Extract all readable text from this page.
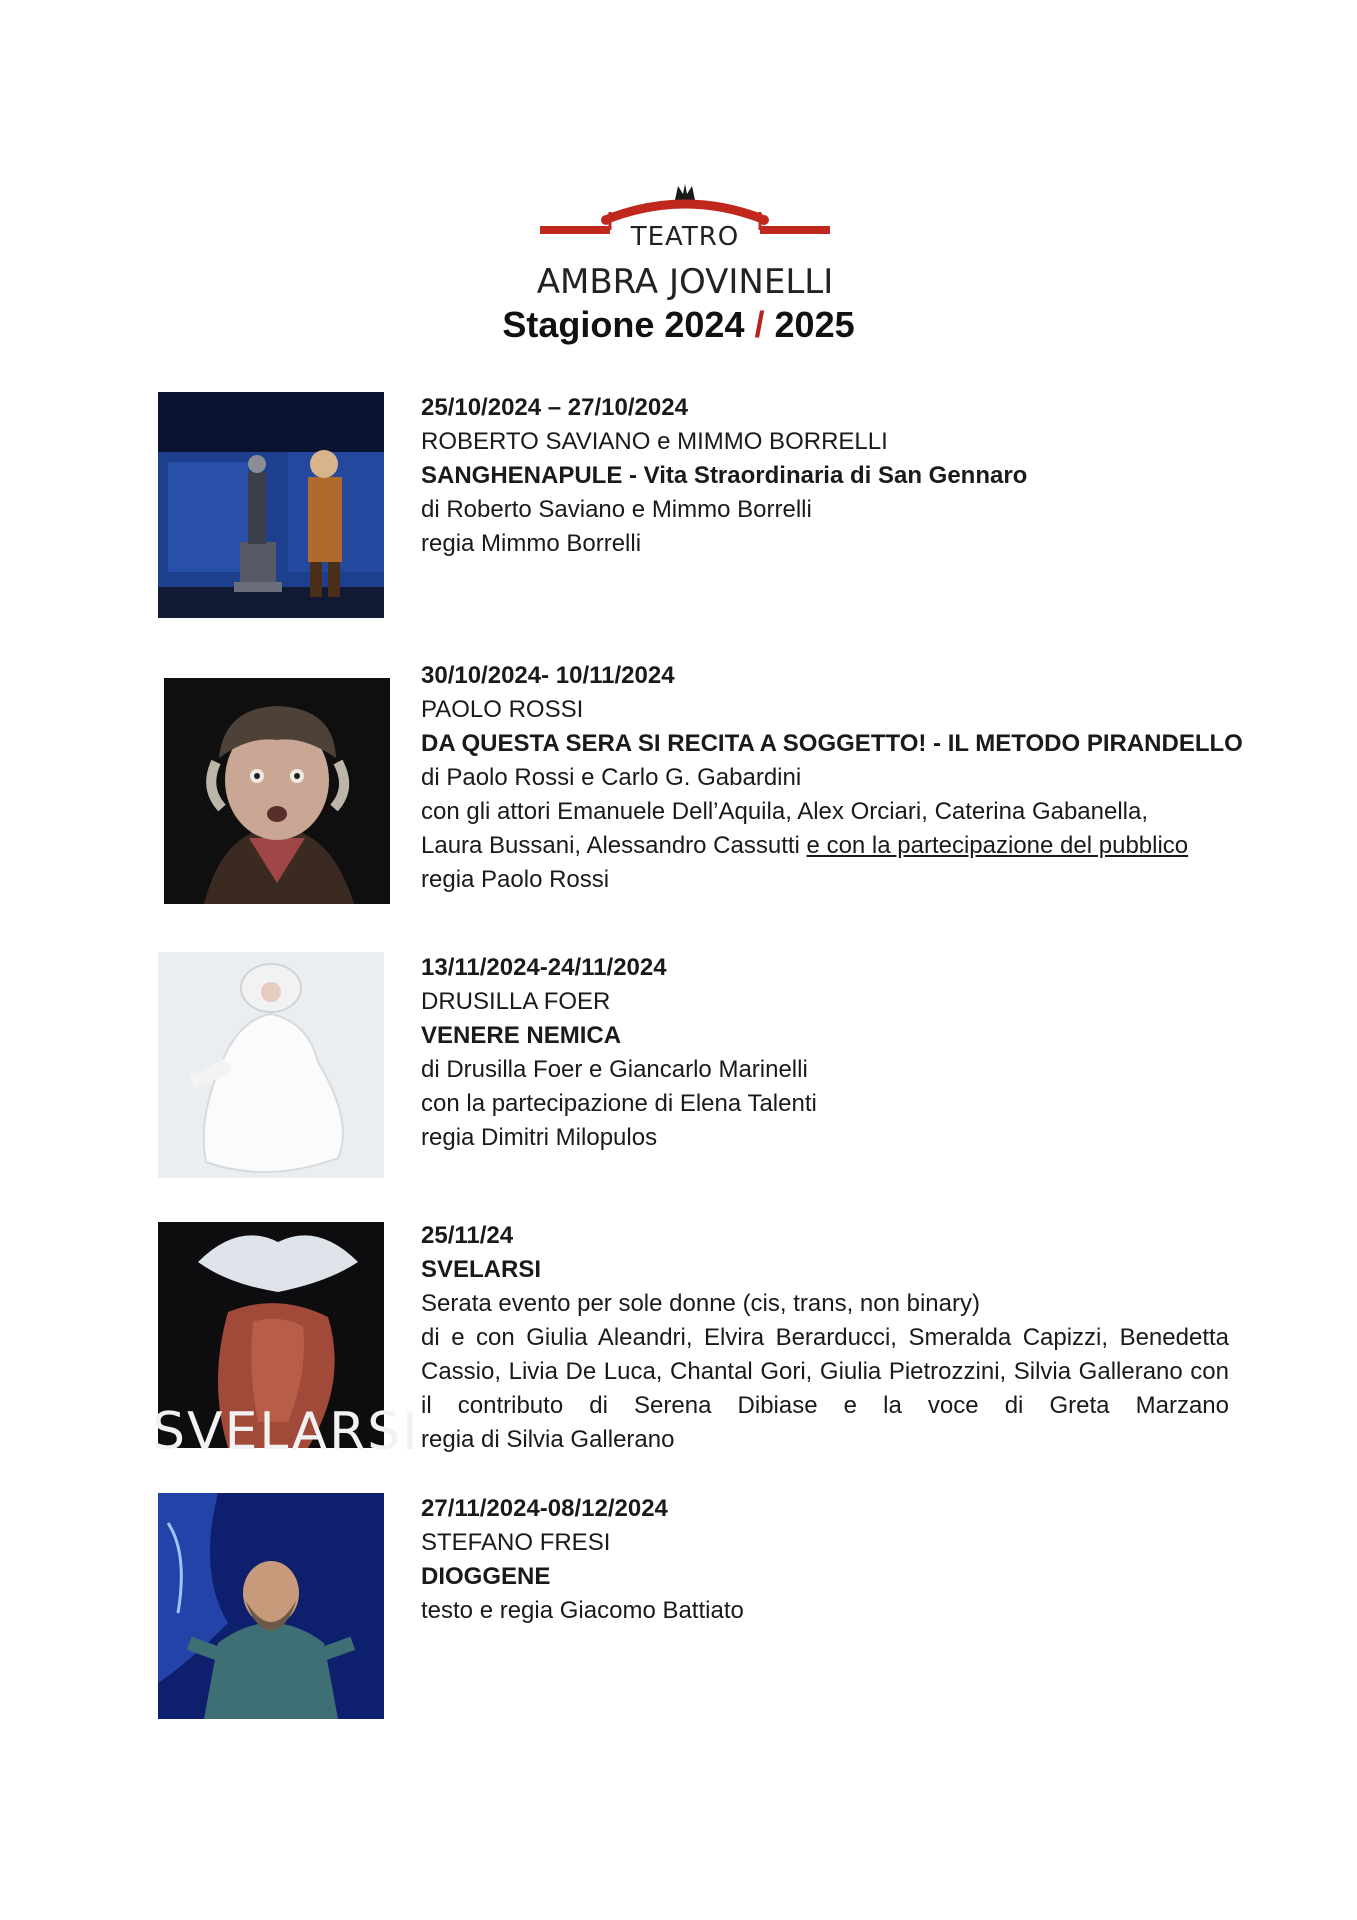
TEATRO
AMBRA JOVINELLI
Stagione 2024 / 2025
25/10/2024 – 27/10/2024
ROBERTO SAVIANO e MIMMO BORRELLI
SANGHENAPULE - Vita Straordinaria di San Gennaro
di Roberto Saviano e Mimmo Borrelli
regia Mimmo Borrelli
30/10/2024- 10/11/2024
PAOLO ROSSI
DA QUESTA SERA SI RECITA A SOGGETTO! - IL METODO PIRANDELLO
di Paolo Rossi e Carlo G. Gabardini
con gli attori Emanuele Dell’Aquila, Alex Orciari, Caterina Gabanella,
Laura Bussani, Alessandro Cassutti e con la partecipazione del pubblico
regia Paolo Rossi
13/11/2024-24/11/2024
DRUSILLA FOER
VENERE NEMICA
di Drusilla Foer e Giancarlo Marinelli
con la partecipazione di Elena Talenti
regia Dimitri Milopulos
SVELARSI
25/11/24
SVELARSI
Serata evento per sole donne (cis, trans, non binary)
di e con Giulia Aleandri, Elvira Berarducci, Smeralda Capizzi, Benedetta
Cassio, Livia De Luca, Chantal Gori, Giulia Pietrozzini, Silvia Gallerano con
il contributo di Serena Dibiase e la voce di Greta Marzano
regia di Silvia Gallerano
27/11/2024-08/12/2024
STEFANO FRESI
DIOGGENE
testo e regia Giacomo Battiato
